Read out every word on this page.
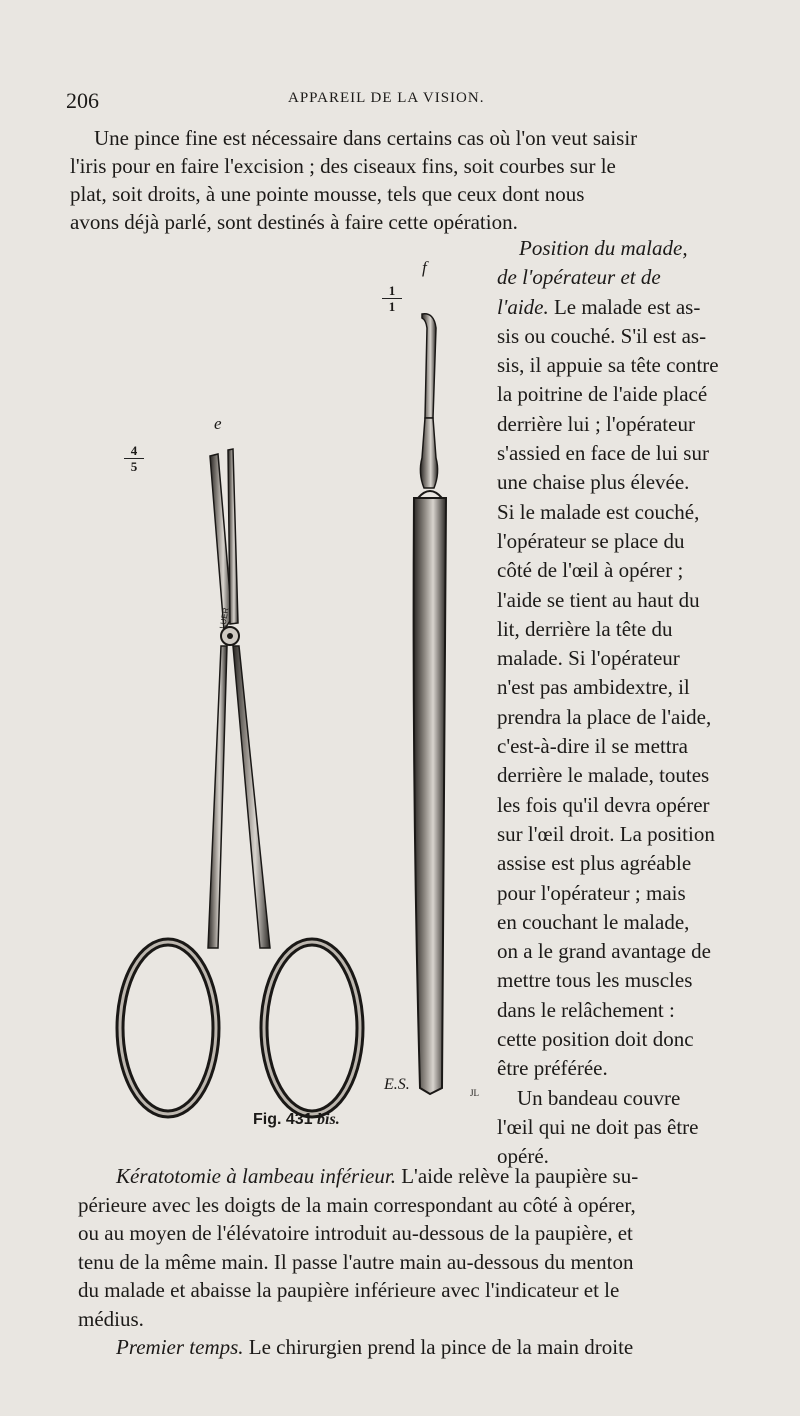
206	APPAREIL DE LA VISION.

Une pince fine est nécessaire dans certains cas où l'on veut saisir
l'iris pour en faire l'excision ; des ciseaux fins, soit courbes sur le
plat, soit droits, à une pointe mousse, tels que ceux dont nous
avons déjà parlé, sont destinés à faire cette opération.

Position du malade,
de l'opérateur et de
l'aide. Le malade est as-
sis ou couché. S'il est as-
sis, il appuie sa tête contre
la poitrine de l'aide placé
derrière lui ; l'opérateur
s'assied en face de lui sur
une chaise plus élevée.
Si le malade est couché,
l'opérateur se place du
côté de l'œil à opérer ;
l'aide se tient au haut du
lit, derrière la tête du
malade. Si l'opérateur
n'est pas ambidextre, il
prendra la place de l'aide,
c'est-à-dire il se mettra
derrière le malade, toutes
les fois qu'il devra opérer
sur l'œil droit. La position
assise est plus agréable
pour l'opérateur ; mais
en couchant le malade,
on a le grand avantage de
mettre tous les muscles
dans le relâchement :
cette position doit donc
être préférée.
Un bandeau couvre
l'œil qui ne doit pas être
opéré.

e
f
4
5
1
1
LUER
E.S.	JL
Fig. 431 bis.

Kératotomie à lambeau inférieur. L'aide relève la paupière su-
périeure avec les doigts de la main correspondant au côté à opérer,
ou au moyen de l'élévatoire introduit au-dessous de la paupière, et
tenu de la même main. Il passe l'autre main au-dessous du menton
du malade et abaisse la paupière inférieure avec l'indicateur et le
médius.
Premier temps. Le chirurgien prend la pince de la main droite
